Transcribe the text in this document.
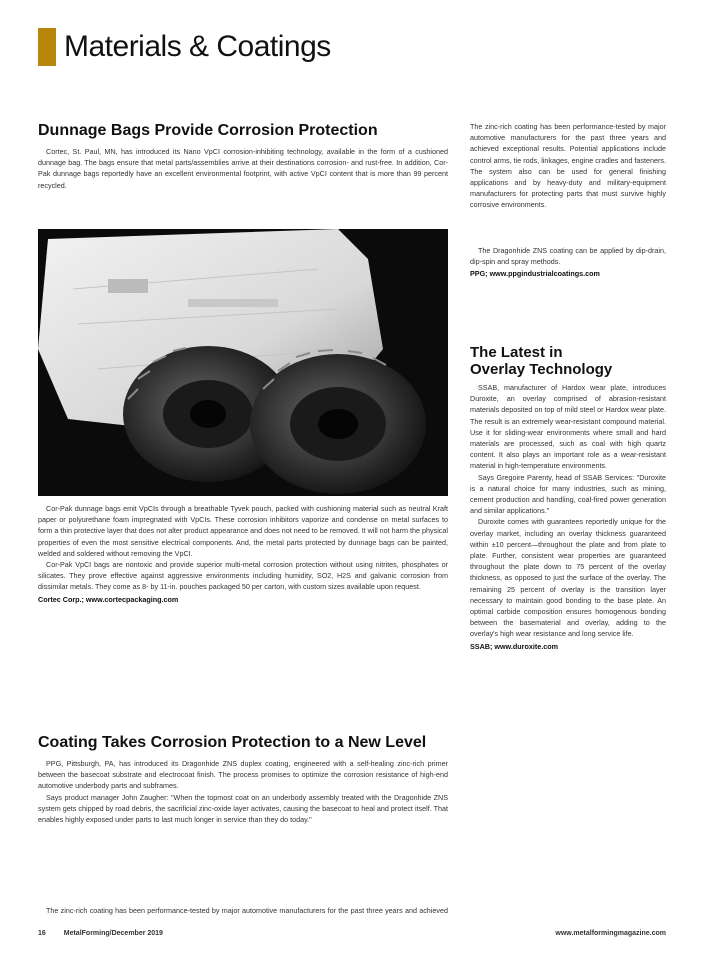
Materials & Coatings
Dunnage Bags Provide Corrosion Protection

Cortec, St. Paul, MN, has introduced its Nano VpCI corrosion-inhibiting technology, available in the form of a cushioned dunnage bag. The bags ensure that metal parts/assemblies arrive at their destinations corrosion- and rust-free. In addition, Cor-Pak dunnage bags reportedly have an excellent environmental footprint, with active VpCI content that is more than 99 percent recycled.

Cor-Pak dunnage bags emit VpCIs through a breathable Tyvek pouch, packed with cushioning material such as neutral Kraft paper or polyurethane foam impregnated with VpCIs. These corrosion inhibitors vaporize and condense on metal surfaces to form a thin protective layer that does not alter product appearance and does not need to be removed. It will not harm the physical properties of even the most sensitive electrical components. And, the metal parts protected by dunnage bags can be painted, welded and soldered without removing the VpCI.

Cor-Pak VpCI bags are nontoxic and provide superior multi-metal corrosion protection without using nitrites, phosphates or silicates. They prove effective against aggressive environments including humidity, SO2, H2S and galvanic corrosion from dissimilar metals. They come as 8- by 11-in. pouches packaged 50 per carton, with custom sizes available upon request.

Cortec Corp.; www.cortecpackaging.com
Coating Takes Corrosion Protection to a New Level

PPG, Pittsburgh, PA, has introduced its Dragonhide ZNS duplex coating, engineered with a self-healing zinc-rich primer between the basecoat substrate and electrocoat finish. The process promises to optimize the corrosion resistance of high-end automotive underbody parts and subframes.

Says product manager John Zaugher: "When the topmost coat on an underbody assembly treated with the Dragonhide ZNS system gets chipped by road debris, the sacrificial zinc-oxide layer activates, causing the basecoat to heal and protect itself. That enables highly exposed under parts to last much longer in service than they do today."

The zinc-rich coating has been performance-tested by major automotive manufacturers for the past three years and achieved

The zinc-rich coating has been performance-tested by major automotive manufacturers for the past three years and achieved exceptional results. Potential applications include control arms, tie rods, linkages, engine cradles and fasteners. The system also can be used for general finishing applications and by heavy-duty and military-equipment manufacturers for protecting parts that must survive highly corrosive environments.

The Dragonhide ZNS coating can be applied by dip-drain, dip-spin and spray methods.

PPG; www.ppgindustrialcoatings.com
The Latest in
Overlay Technology

SSAB, manufacturer of Hardox wear plate, introduces Duroxite, an overlay comprised of abrasion-resistant materials deposited on top of mild steel or Hardox wear plate. The result is an extremely wear-resistant compound material. Use it for sliding-wear environments where small and hard materials are processed, such as coal with high quartz content. It also plays an important role as a wear-resistant material in high-temperature environments.

Says Gregoire Parenty, head of SSAB Services: "Duroxite is a natural choice for many industries, such as mining, cement production and handling, coal-fired power generation and similar applications."

Duroxite comes with guarantees reportedly unique for the overlay market, including an overlay thickness guaranteed within ±10 percent—throughout the plate and from plate to plate. Further, consistent wear properties are guaranteed throughout the plate down to 75 percent of the overlay thickness, as opposed to just the surface of the overlay. The remaining 25 percent of overlay is the transition layer necessary to maintain good bonding to the base plate. An optimal carbide composition ensures homogenous bonding between the basematerial and overlay, adding to the overlay's high wear resistance and long service life.

SSAB; www.duroxite.com
16	MetalForming/December 2019	www.metalformingmagazine.com
